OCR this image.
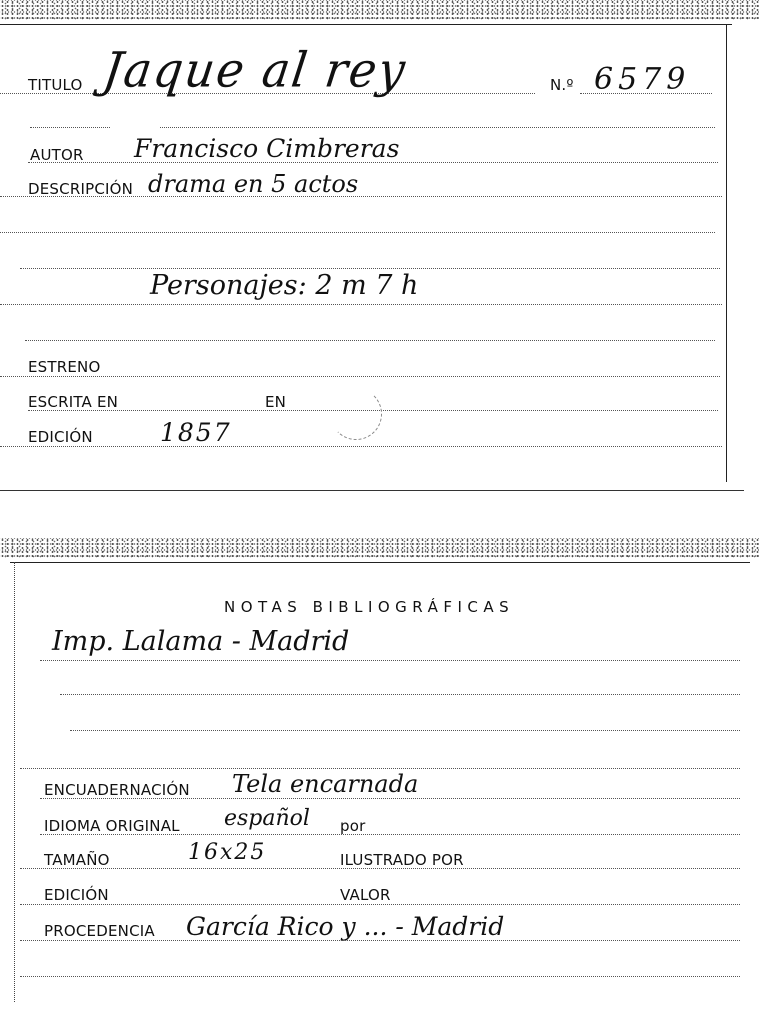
TITULO Jaque al rey	N.º 6579
AUTOR Francisco Cimbreras
DESCRIPCIÓN drama en 5 actos
Personajes: 2 m 7 h
ESTRENO
ESCRITA EN	EN
EDICIÓN	1857
NOTAS BIBLIOGRÁFICAS
Imp. Lalama - Madrid
ENCUADERNACIÓN Tela encarnada
IDIOMA ORIGINAL español por
TAMAÑO	16x25	ILUSTRADO POR
EDICIÓN	VALOR
PROCEDENCIA García Rico y ... - Madrid
